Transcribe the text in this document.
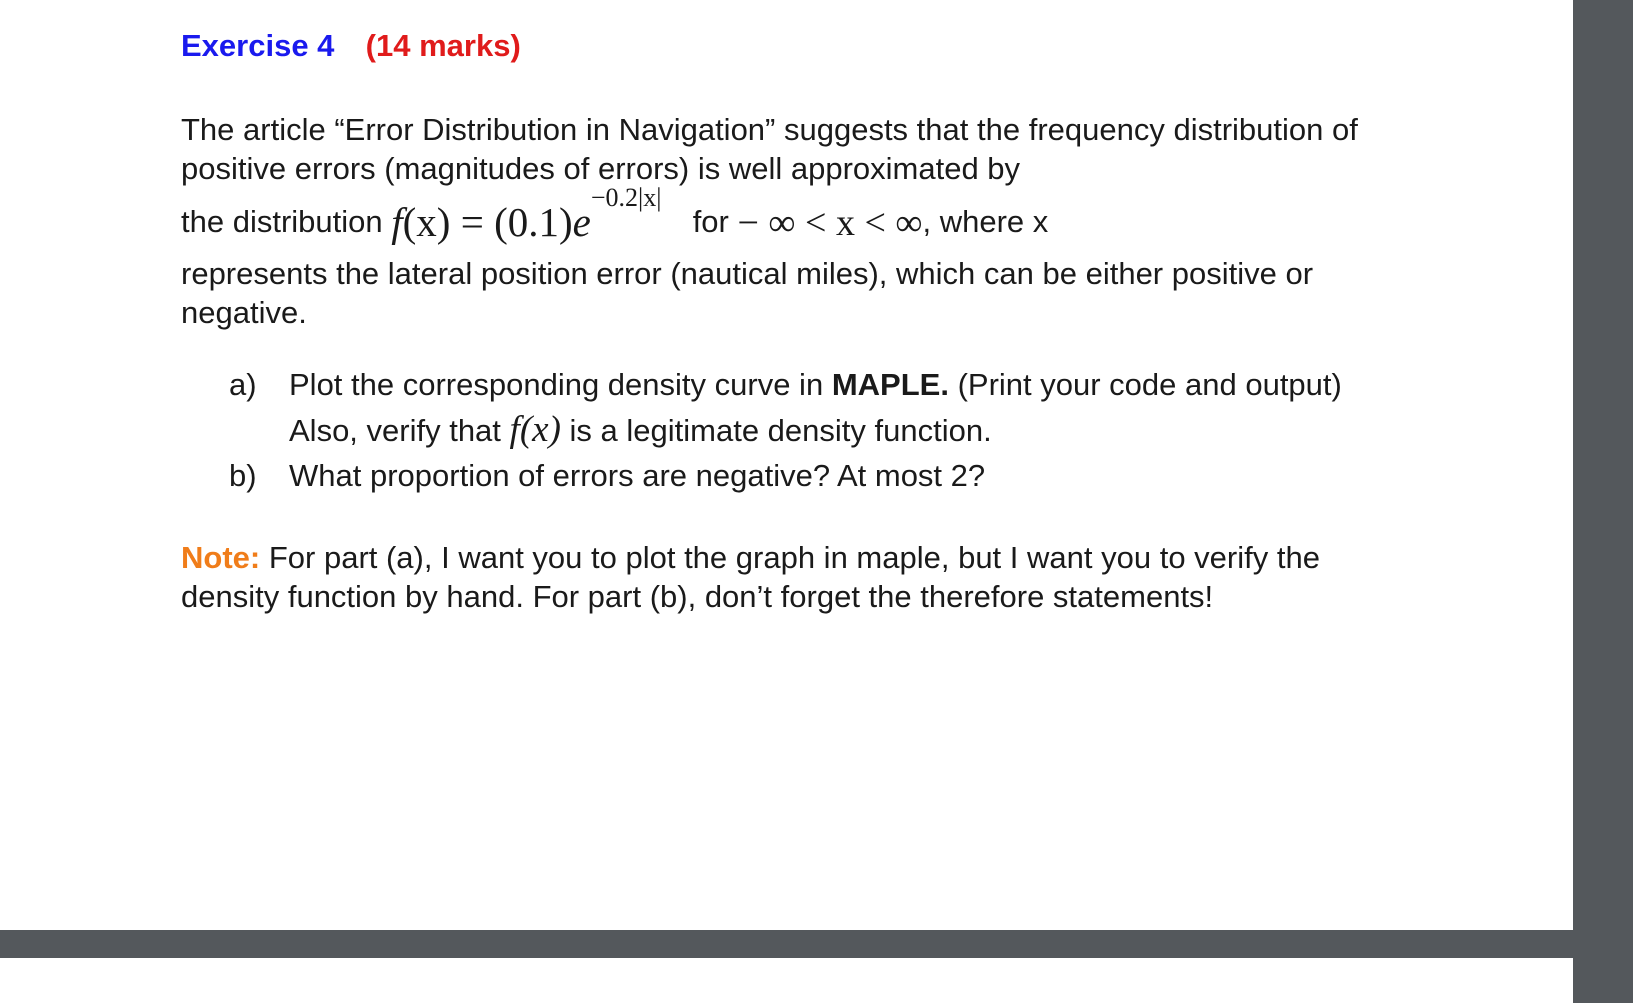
Exercise 4 (14 marks)

The article “Error Distribution in Navigation” suggests that the frequency distribution of positive errors (magnitudes of errors) is well approximated by

the distribution $f(x) = (0.1)e^{-0.2|x|}$  for − ∞ < x < ∞, where x

represents the lateral position error (nautical miles), which can be either positive or negative.

a) Plot the corresponding density curve in MAPLE. (Print your code and output) Also, verify that f(x) is a legitimate density function.
b) What proportion of errors are negative? At most 2?

Note: For part (a), I want you to plot the graph in maple, but I want you to verify the density function by hand. For part (b), don’t forget the therefore statements!
